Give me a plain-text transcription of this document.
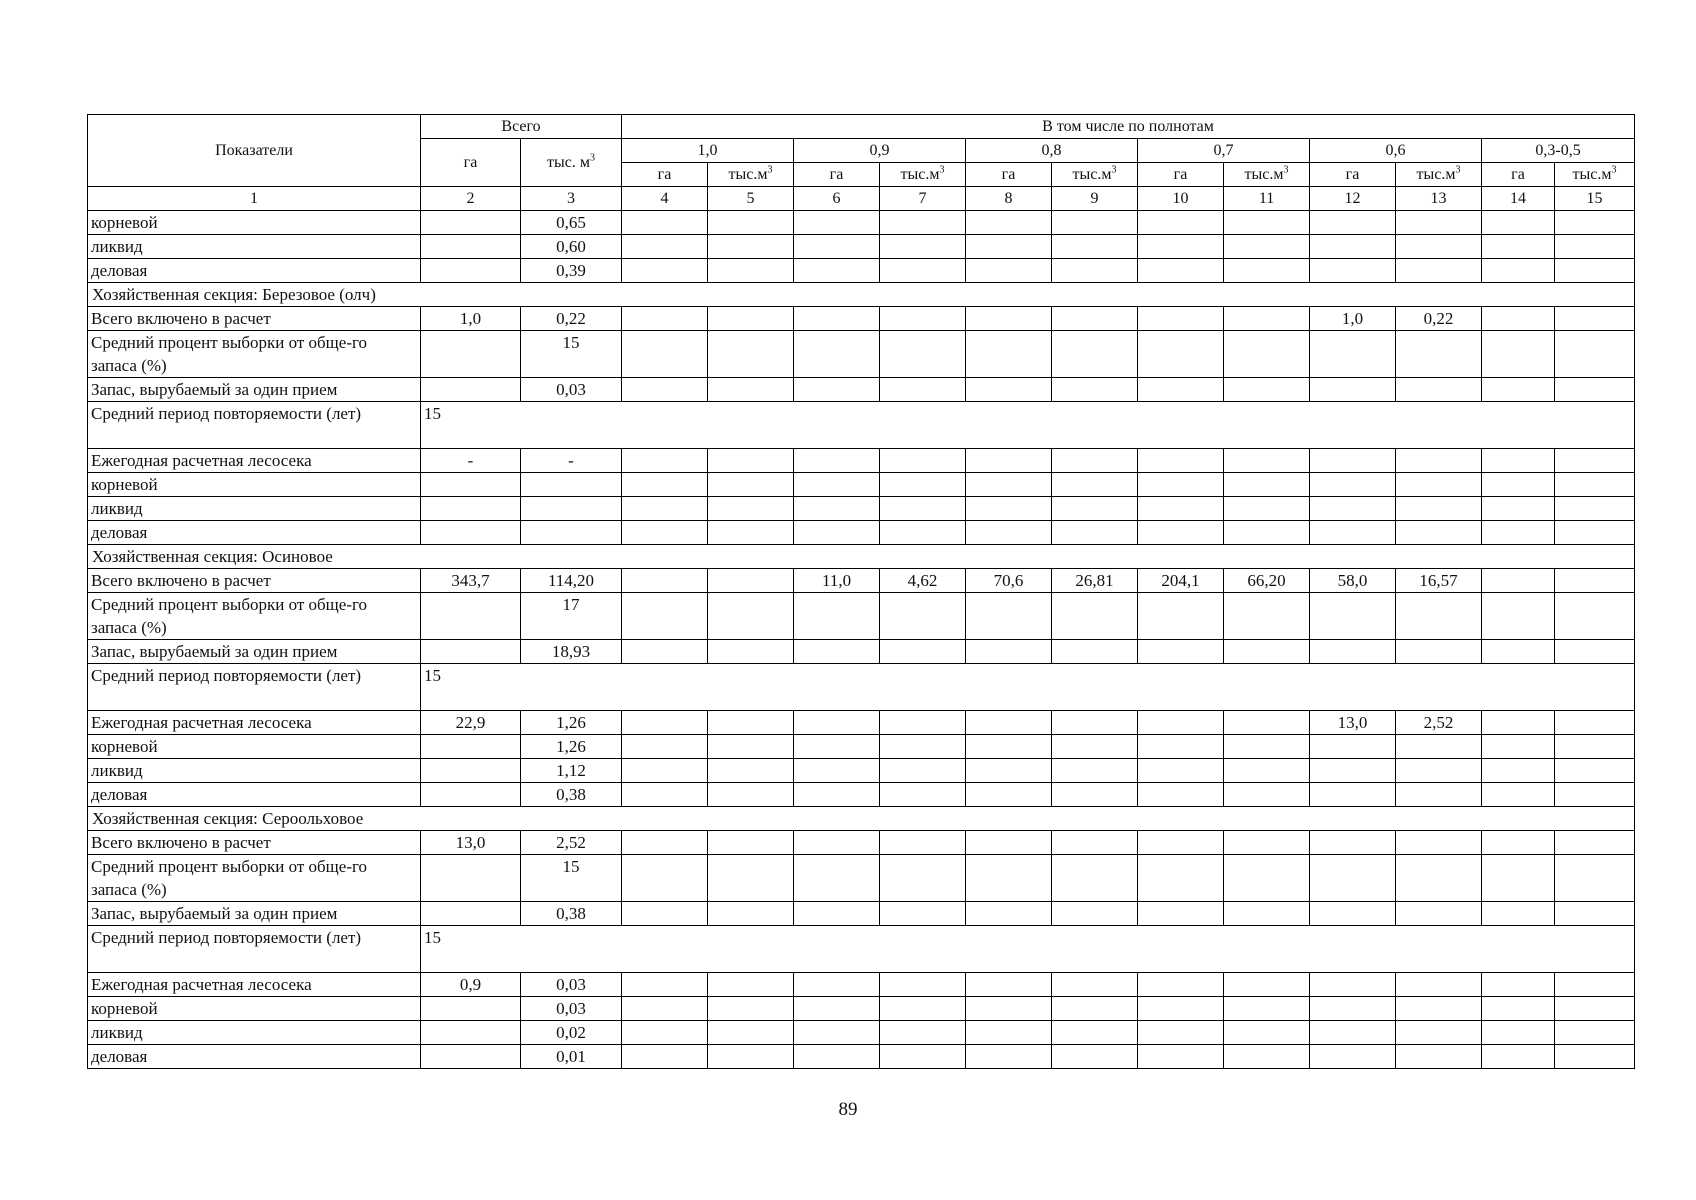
Показатели	Всего		В том числе по полнотам											
	га	тыс. $м^3$	1,0		0,9		0,8		0,7		0,6		0,3-0,5	
			га	$тыс.м^3$	га	$тыс.м^3$	га	$тыс.м^3$	га	$тыс.м^3$	га	$тыс.м^3$	га	$тыс.м^3$
1	2	3	4	5	6	7	8	9	10	11	12	13	14	15
корневой		0,65												
ликвид		0,60												
деловая		0,39												
Хозяйственная секция: Березовое (олч)														
Всего включено в расчет	1,0	0,22									1,0	0,22		
Средний процент выборки от обще-го запаса (%)		15												
Запас, вырубаемый за один прием		0,03												
Средний период повторяемости (лет)	15													
Ежегодная расчетная лесосека	-	-												
корневой														
ликвид														
деловая														
Хозяйственная секция: Осиновое														
Всего включено в расчет	343,7	114,20			11,0	4,62	70,6	26,81	204,1	66,20	58,0	16,57		
Средний процент выборки от обще-го запаса (%)		17												
Запас, вырубаемый за один прием		18,93												
Средний период повторяемости (лет)	15													
Ежегодная расчетная лесосека	22,9	1,26									13,0	2,52		
корневой		1,26												
ликвид		1,12												
деловая		0,38												
Хозяйственная секция: Сероольховое														
Всего включено в расчет	13,0	2,52												
Средний процент выборки от обще-го запаса (%)		15												
Запас, вырубаемый за один прием		0,38												
Средний период повторяемости (лет)	15													
Ежегодная расчетная лесосека	0,9	0,03												
корневой		0,03												
ликвид		0,02												
деловая		0,01												
89
